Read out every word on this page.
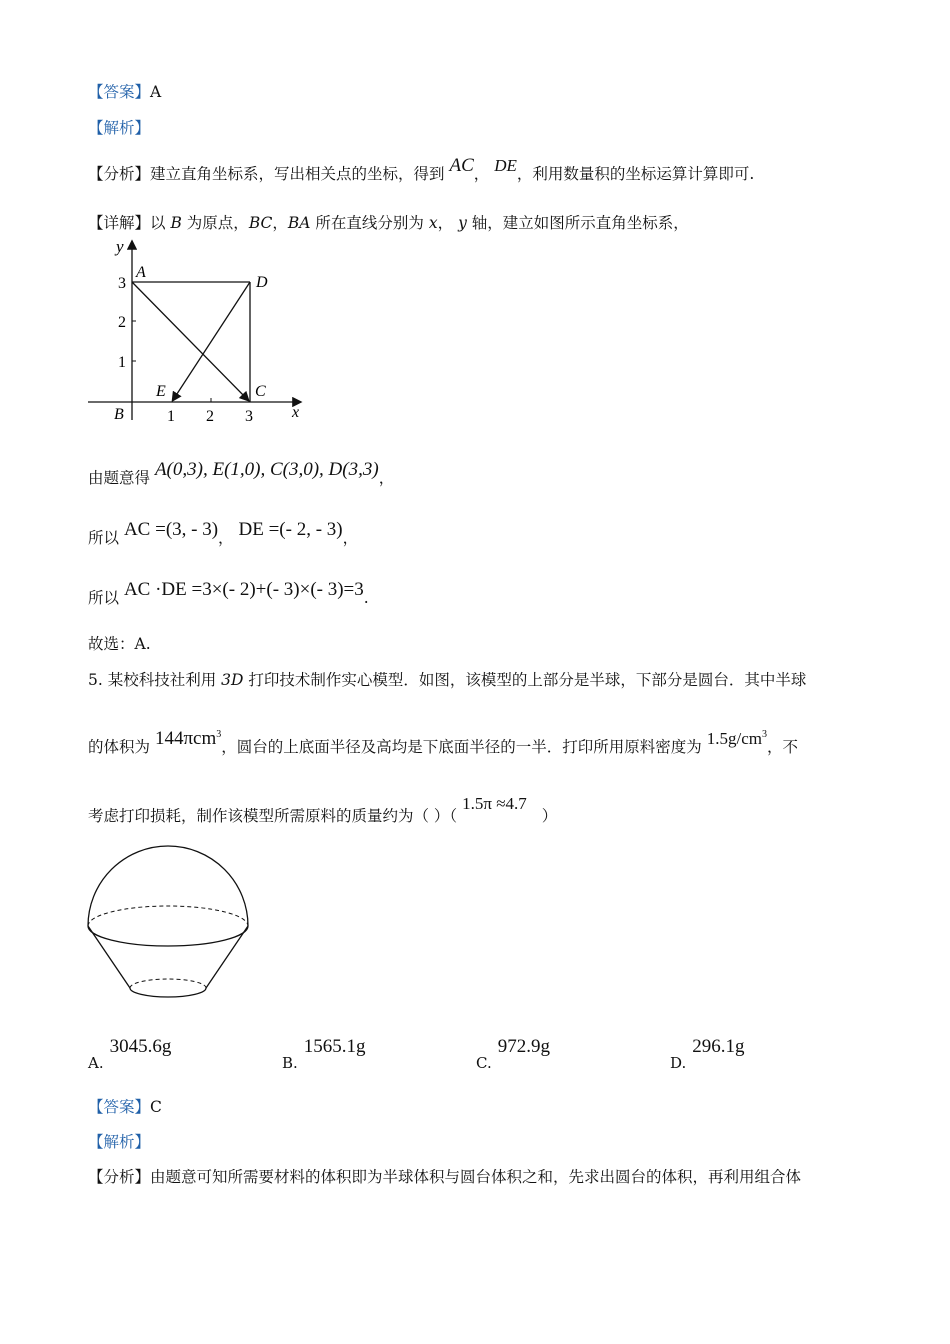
【答案】A
【解析】
【分析】建立直角坐标系，写出相关点的坐标，得到 AC， DE，利用数量积的坐标运算计算即可.
【详解】以 B 为原点，BC，BA 所在直线分别为 x， y 轴，建立如图所示直角坐标系，
y
x
A
D
C
E
B
3
2
1
1 2 3
由题意得 A(0,3), E(1,0), C(3,0), D(3,3)，
所以 AC =(3, - 3)， DE =(- 2, - 3)，
所以 AC ·DE =3×(- 2)+(- 3)×(- 3)=3.
故选：A.
5. 某校科技社利用 3D 打印技术制作实心模型．如图，该模型的上部分是半球，下部分是圆台．其中半球
的体积为 144πcm$^3$，圆台的上底面半径及高均是下底面半径的一半．打印所用原料密度为 $1.5g/cm^3$，不
考虑打印损耗，制作该模型所需原料的质量约为（ ）（ 1.5π ≈4.7 ）
A.3045.6g
B.1565.1g
C.972.9g
D.296.1g
【答案】C
【解析】
【分析】由题意可知所需要材料的体积即为半球体积与圆台体积之和，先求出圆台的体积，再利用组合体
